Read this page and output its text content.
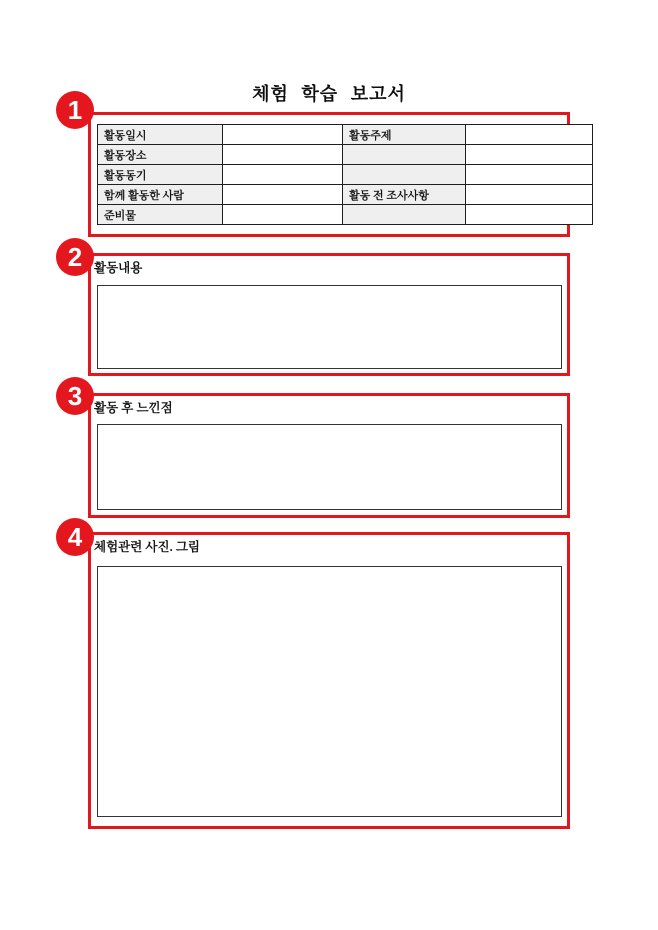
체험 학습 보고서
활동일시		활동주제	
활동장소			
활동동기			
함께 활동한 사람		활동 전 조사사항	
준비물			
활동내용
활동 후 느낀점
체험관련 사진. 그림
1
2
3
4
